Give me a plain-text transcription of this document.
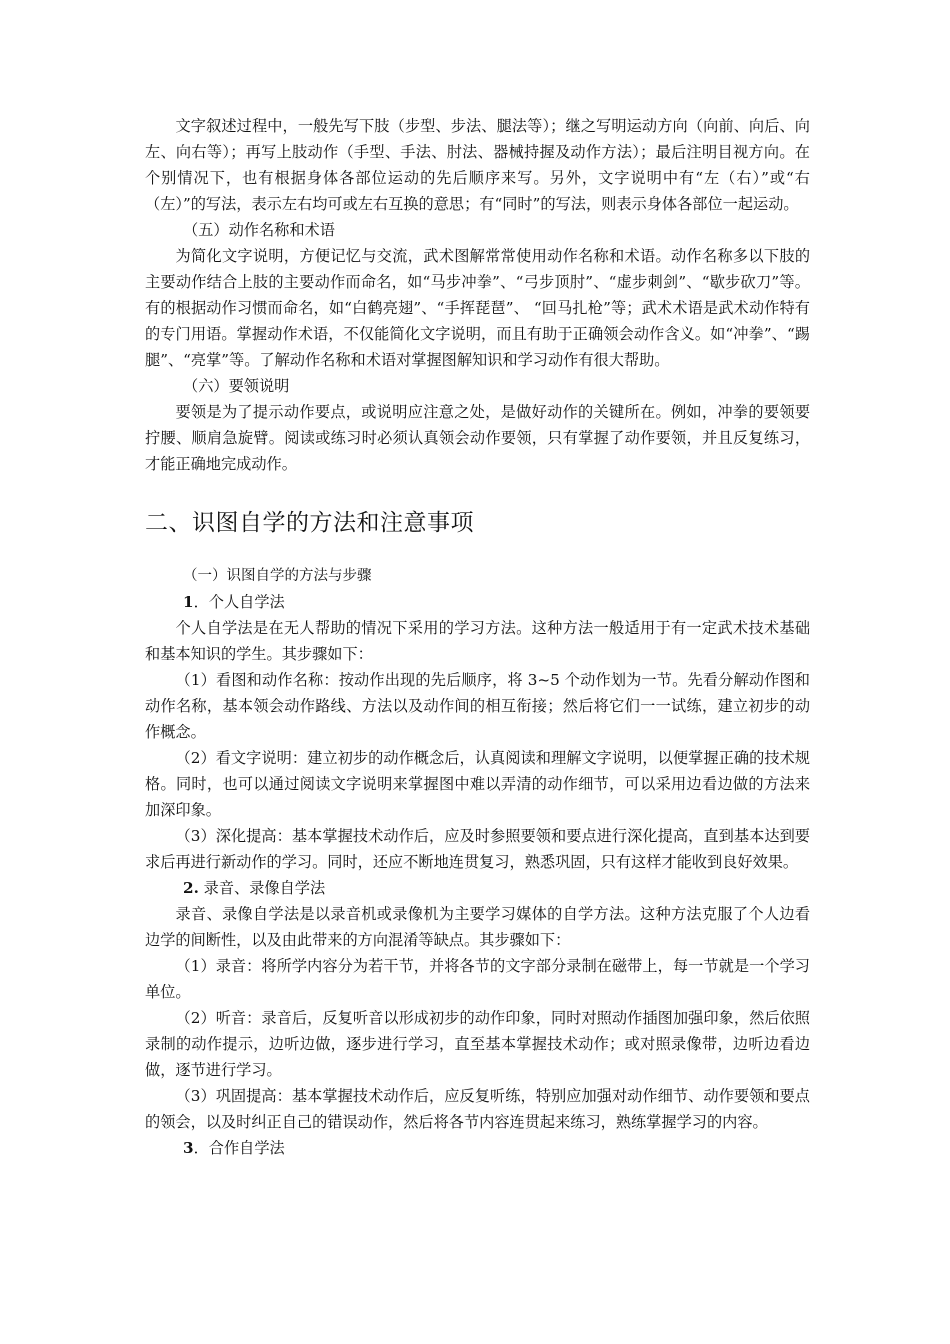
文字叙述过程中，一般先写下肢（步型、步法、腿法等）；继之写明运动方向（向前、向后、向左、向右等）；再写上肢动作（手型、手法、肘法、器械持握及动作方法）；最后注明目视方向。在个别情况下，也有根据身体各部位运动的先后顺序来写。另外，文字说明中有“左（右）”或“右（左）”的写法，表示左右均可或左右互换的意思；有“同时”的写法，则表示身体各部位一起运动。

（五）动作名称和术语

为简化文字说明，方便记忆与交流，武术图解常常使用动作名称和术语。动作名称多以下肢的主要动作结合上肢的主要动作而命名，如“马步冲拳”、“弓步顶肘”、“虚步刺剑”、“歇步砍刀”等。有的根据动作习惯而命名，如“白鹤亮翅”、“手挥琵琶”、 “回马扎枪”等；武术术语是武术动作特有的专门用语。掌握动作术语，不仅能简化文字说明，而且有助于正确领会动作含义。如“冲拳”、“踢腿”、“亮掌”等。了解动作名称和术语对掌握图解知识和学习动作有很大帮助。

（六）要领说明

要领是为了提示动作要点，或说明应注意之处，是做好动作的关键所在。例如，冲拳的要领要拧腰、顺肩急旋臂。阅读或练习时必须认真领会动作要领，只有掌握了动作要领，并且反复练习，才能正确地完成动作。

二、识图自学的方法和注意事项

（一）识图自学的方法与步骤

1．个人自学法

个人自学法是在无人帮助的情况下采用的学习方法。这种方法一般适用于有一定武术技术基础和基本知识的学生。其步骤如下：

（1）看图和动作名称：按动作出现的先后顺序，将 3~5 个动作划为一节。先看分解动作图和动作名称，基本领会动作路线、方法以及动作间的相互衔接；然后将它们一一试练，建立初步的动作概念。

（2）看文字说明：建立初步的动作概念后，认真阅读和理解文字说明，以便掌握正确的技术规格。同时，也可以通过阅读文字说明来掌握图中难以弄清的动作细节，可以采用边看边做的方法来加深印象。

（3）深化提高：基本掌握技术动作后，应及时参照要领和要点进行深化提高，直到基本达到要求后再进行新动作的学习。同时，还应不断地连贯复习，熟悉巩固，只有这样才能收到良好效果。

2. 录音、录像自学法

录音、录像自学法是以录音机或录像机为主要学习媒体的自学方法。这种方法克服了个人边看边学的间断性，以及由此带来的方向混淆等缺点。其步骤如下：

（1）录音：将所学内容分为若干节，并将各节的文字部分录制在磁带上，每一节就是一个学习单位。

（2）听音：录音后，反复听音以形成初步的动作印象，同时对照动作插图加强印象，然后依照录制的动作提示，边听边做，逐步进行学习，直至基本掌握技术动作；或对照录像带，边听边看边做，逐节进行学习。

（3）巩固提高：基本掌握技术动作后，应反复听练，特别应加强对动作细节、动作要领和要点的领会，以及时纠正自己的错误动作，然后将各节内容连贯起来练习，熟练掌握学习的内容。

3．合作自学法
